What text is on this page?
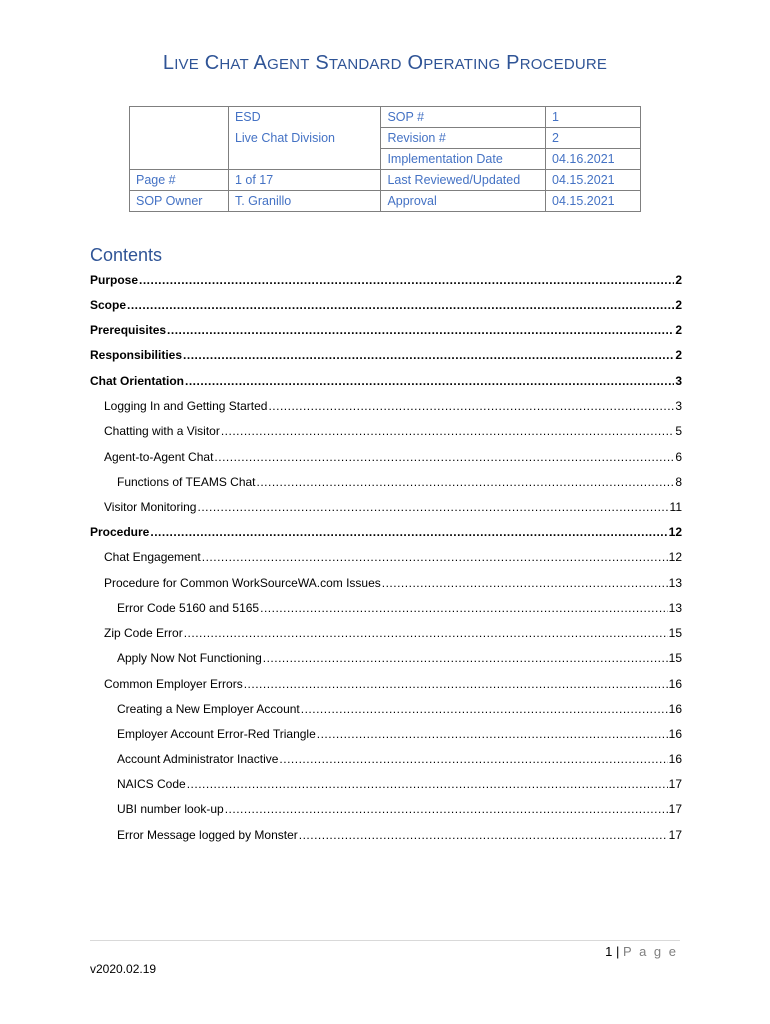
LIVE CHAT AGENT STANDARD OPERATING PROCEDURE
	ESD	SOP #	1
	Live Chat Division	Revision #	2
		Implementation Date	04.16.2021
Page #	1 of 17	Last Reviewed/Updated	04.15.2021
SOP Owner	T. Granillo	Approval	04.15.2021
Contents
Purpose .....	2
Scope .....	2
Prerequisites .....	2
Responsibilities .....	2
Chat Orientation .....	3
Logging In and Getting Started .....	3
Chatting with a Visitor .....	5
Agent-to-Agent Chat .....	6
Functions of TEAMS Chat .....	8
Visitor Monitoring .....	11
Procedure .....	12
Chat Engagement .....	12
Procedure for Common WorkSourceWA.com Issues .....	13
Error Code 5160 and 5165 .....	13
Zip Code Error .....	15
Apply Now Not Functioning .....	15
Common Employer Errors .....	16
Creating a New Employer Account .....	16
Employer Account Error-Red Triangle .....	16
Account Administrator Inactive .....	16
NAICS Code .....	17
UBI number look-up .....	17
Error Message logged by Monster .....	17
1 | P a g e
v2020.02.19
